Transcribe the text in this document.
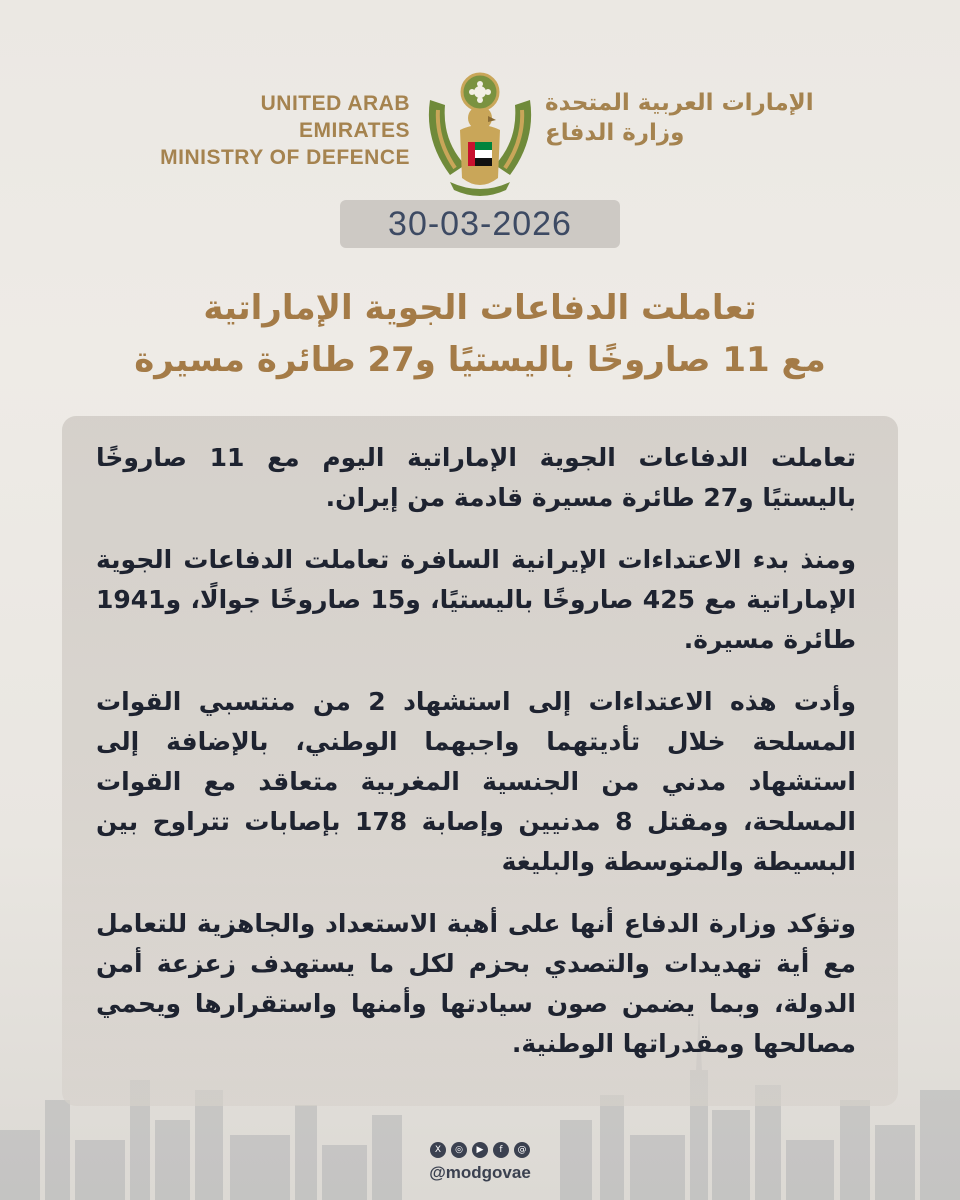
UNITED ARAB EMIRATES
MINISTRY OF DEFENCE
الإمارات العربية المتحدة
وزارة الدفاع
30-03-2026
تعاملت الدفاعات الجوية الإماراتية
مع 11 صاروخًا باليستيًا و27 طائرة مسيرة

تعاملت الدفاعات الجوية الإماراتية اليوم مع 11 صاروخًا باليستيًا و27 طائرة مسيرة قادمة من إيران.

ومنذ بدء الاعتداءات الإيرانية السافرة تعاملت الدفاعات الجوية الإماراتية مع 425 صاروخًا باليستيًا، و15 صاروخًا جوالًا، و1941 طائرة مسيرة.

وأدت هذه الاعتداءات إلى استشهاد 2 من منتسبي القوات المسلحة خلال تأديتهما واجبهما الوطني، بالإضافة إلى استشهاد مدني من الجنسية المغربية متعاقد مع القوات المسلحة، ومقتل 8 مدنيين وإصابة 178 بإصابات تتراوح بين البسيطة والمتوسطة والبليغة

وتؤكد وزارة الدفاع أنها على أهبة الاستعداد والجاهزية للتعامل مع أية تهديدات والتصدي بحزم لكل ما يستهدف زعزعة أمن الدولة، وبما يضمن صون سيادتها وأمنها واستقرارها ويحمي مصالحها ومقدراتها الوطنية.

X	◎	▶	f	@
@modgovae
